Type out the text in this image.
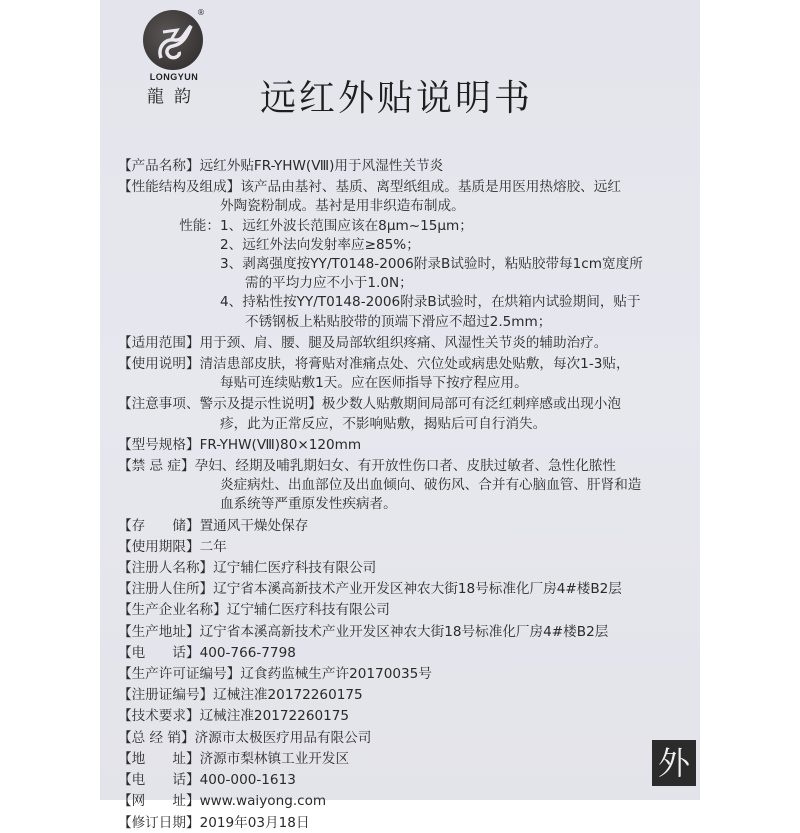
®
LONGYUN
龍韵 远红外贴说明书
【产品名称】远红外贴FR-YHW(Ⅷ)用于风湿性关节炎
【性能结构及组成】该产品由基衬、基质、离型纸组成。基质是用医用热熔胶、远红
外陶瓷粉制成。基衬是用非织造布制成。
性能：1、远红外波长范围应该在8μm~15μm；
2、远红外法向发射率应≥85%；
3、剥离强度按YY/T0148-2006附录B试验时，粘贴胶带每1cm宽度所
需的平均力应不小于1.0N；
4、持粘性按YY/T0148-2006附录B试验时，在烘箱内试验期间，贴于
不锈钢板上粘贴胶带的顶端下滑应不超过2.5mm；
【适用范围】用于颈、肩、腰、腿及局部软组织疼痛、风湿性关节炎的辅助治疗。
【使用说明】清洁患部皮肤，将膏贴对准痛点处、穴位处或病患处贴敷，每次1-3贴，
每贴可连续贴敷1天。应在医师指导下按疗程应用。
【注意事项、警示及提示性说明】极少数人贴敷期间局部可有泛红刺痒感或出现小泡
疹，此为正常反应，不影响贴敷，揭贴后可自行消失。
【型号规格】FR-YHW(Ⅷ)80×120mm
【禁 忌 症】孕妇、经期及哺乳期妇女、有开放性伤口者、皮肤过敏者、急性化脓性
炎症病灶、出血部位及出血倾向、破伤风、合并有心脑血管、肝肾和造
血系统等严重原发性疾病者。
【存　　储】置通风干燥处保存
【使用期限】二年
【注册人名称】辽宁辅仁医疗科技有限公司
【注册人住所】辽宁省本溪高新技术产业开发区神农大街18号标准化厂房4#楼B2层
【生产企业名称】辽宁辅仁医疗科技有限公司
【生产地址】辽宁省本溪高新技术产业开发区神农大街18号标准化厂房4#楼B2层
【电　　话】400-766-7798
【生产许可证编号】辽食药监械生产许20170035号
【注册证编号】辽械注准20172260175
【技术要求】辽械注准20172260175
【总 经 销】济源市太极医疗用品有限公司
【地　　址】济源市梨林镇工业开发区
【电　　话】400-000-1613
【网　　址】www.waiyong.com
【修订日期】2019年03月18日
外
